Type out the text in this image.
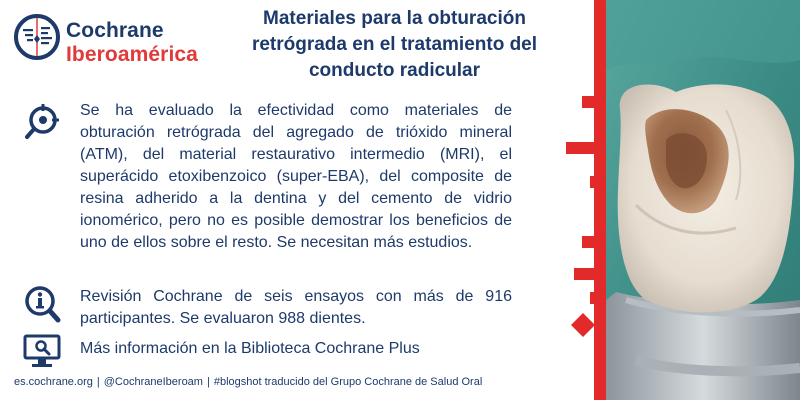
Cochrane
Iberoamérica
Materiales para la obturación
retrógrada en el tratamiento del
conducto radicular
Se ha evaluado la efectividad como materiales de obturación retrógrada del agregado de trióxido mineral (ATM), del material restaurativo intermedio (MRI), el superácido etoxibenzoico (super-EBA), del composite de resina adherido a la dentina y del cemento de vidrio ionomérico, pero no es posible demostrar los beneficios de uno de ellos sobre el resto. Se necesitan más estudios.
Revisión Cochrane de seis ensayos con más de 916 participantes. Se evaluaron 988 dientes.
Más información en la Biblioteca Cochrane Plus
es.cochrane.org | @CochraneIberoam | #blogshot traducido del Grupo Cochrane de Salud Oral
